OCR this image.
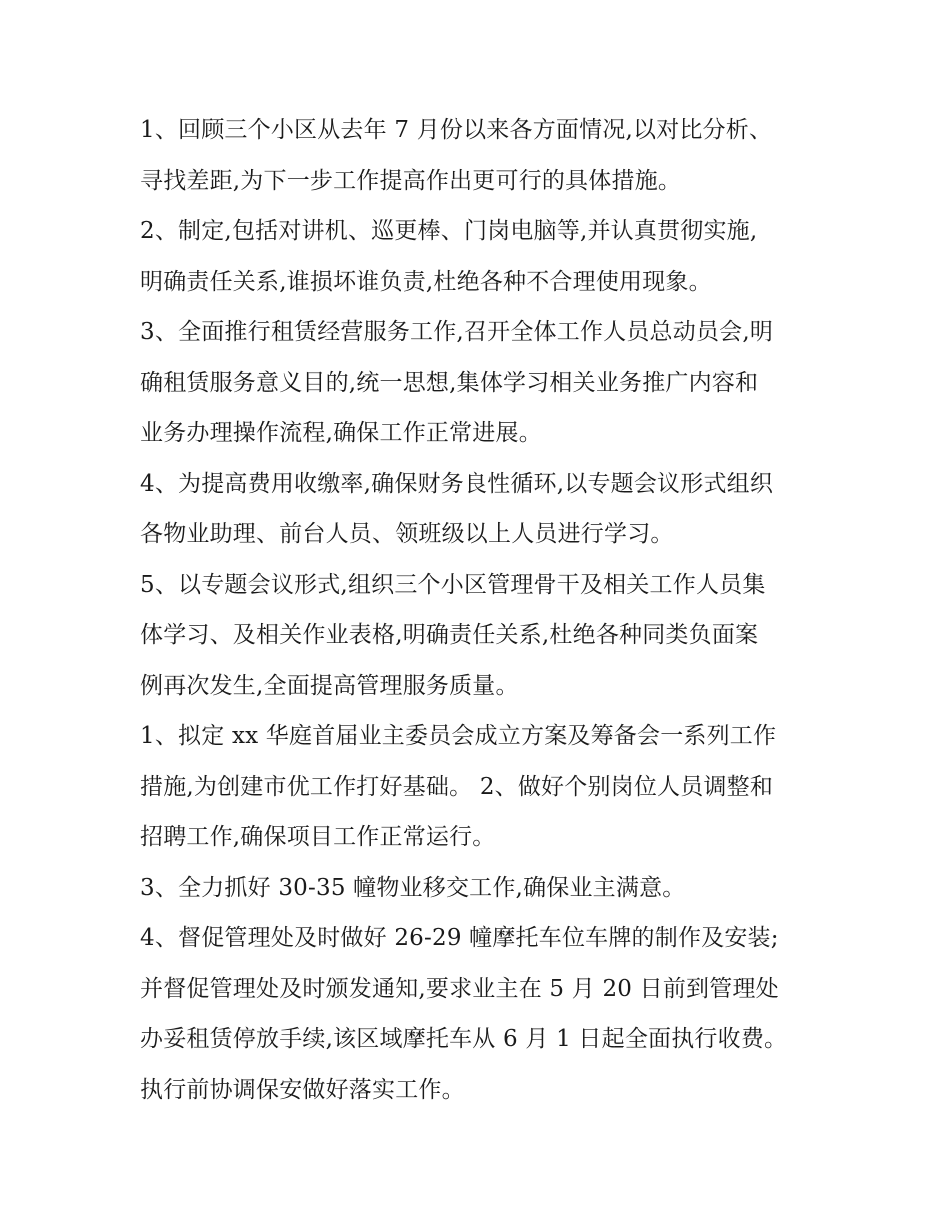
1、回顾三个小区从去年 7 月份以来各方面情况,以对比分析、
寻找差距,为下一步工作提高作出更可行的具体措施。
2、制定,包括对讲机、巡更棒、门岗电脑等,并认真贯彻实施,
明确责任关系,谁损坏谁负责,杜绝各种不合理使用现象。
3、全面推行租赁经营服务工作,召开全体工作人员总动员会,明
确租赁服务意义目的,统一思想,集体学习相关业务推广内容和
业务办理操作流程,确保工作正常进展。
4、为提高费用收缴率,确保财务良性循环,以专题会议形式组织
各物业助理、前台人员、领班级以上人员进行学习。
5、以专题会议形式,组织三个小区管理骨干及相关工作人员集
体学习、及相关作业表格,明确责任关系,杜绝各种同类负面案
例再次发生,全面提高管理服务质量。
1、拟定 xx 华庭首届业主委员会成立方案及筹备会一系列工作
措施,为创建市优工作打好基础。 2、做好个别岗位人员调整和
招聘工作,确保项目工作正常运行。
3、全力抓好 30-35 幢物业移交工作,确保业主满意。
4、督促管理处及时做好 26-29 幢摩托车位车牌的制作及安装;
并督促管理处及时颁发通知,要求业主在 5 月 20 日前到管理处
办妥租赁停放手续,该区域摩托车从 6 月 1 日起全面执行收费。
执行前协调保安做好落实工作。
